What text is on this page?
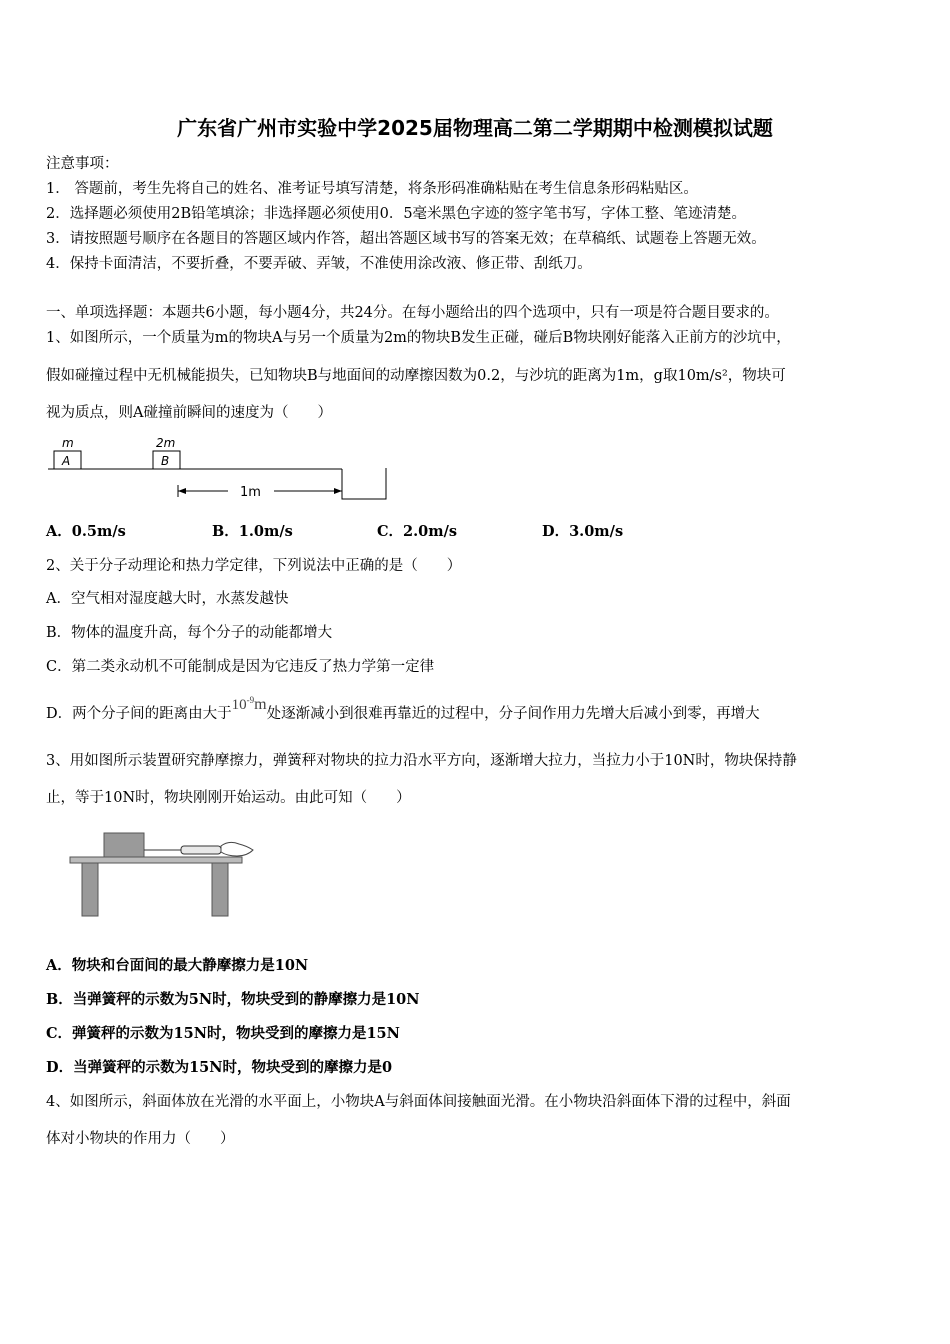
广东省广州市实验中学2025届物理高二第二学期期中检测模拟试题
注意事项：
1． 答题前，考生先将自己的姓名、准考证号填写清楚，将条形码准确粘贴在考生信息条形码粘贴区。
2．选择题必须使用2B铅笔填涂；非选择题必须使用0．5毫米黑色字迹的签字笔书写，字体工整、笔迹清楚。
3．请按照题号顺序在各题目的答题区域内作答，超出答题区域书写的答案无效；在草稿纸、试题卷上答题无效。
4．保持卡面清洁，不要折叠，不要弄破、弄皱，不准使用涂改液、修正带、刮纸刀。
一、单项选择题：本题共6小题，每小题4分，共24分。在每小题给出的四个选项中，只有一项是符合题目要求的。
1、如图所示，一个质量为m的物块A与另一个质量为2m的物块B发生正碰，碰后B物块刚好能落入正前方的沙坑中，
假如碰撞过程中无机械能损失，已知物块B与地面间的动摩擦因数为0.2，与沙坑的距离为1m，g取10m/s²，物块可
视为质点，则A碰撞前瞬间的速度为（　　）
m
A
2m
B
1m
A．0.5m/s	B．1.0m/s	C．2.0m/s	D．3.0m/s
2、关于分子动理论和热力学定律，下列说法中正确的是（　　）
A．空气相对湿度越大时，水蒸发越快
B．物体的温度升高，每个分子的动能都增大
C．第二类永动机不可能制成是因为它违反了热力学第一定律
D．两个分子间的距离由大于$10^{-9}m$处逐渐减小到很难再靠近的过程中，分子间作用力先增大后减小到零，再增大
3、用如图所示装置研究静摩擦力，弹簧秤对物块的拉力沿水平方向，逐渐增大拉力，当拉力小于10N时，物块保持静
止，等于10N时，物块刚刚开始运动。由此可知（　　）
A．物块和台面间的最大静摩擦力是10N
B．当弹簧秤的示数为5N时，物块受到的静摩擦力是10N
C．弹簧秤的示数为15N时，物块受到的摩擦力是15N
D．当弹簧秤的示数为15N时，物块受到的摩擦力是0
4、如图所示，斜面体放在光滑的水平面上，小物块A与斜面体间接触面光滑。在小物块沿斜面体下滑的过程中，斜面
体对小物块的作用力（　　）
